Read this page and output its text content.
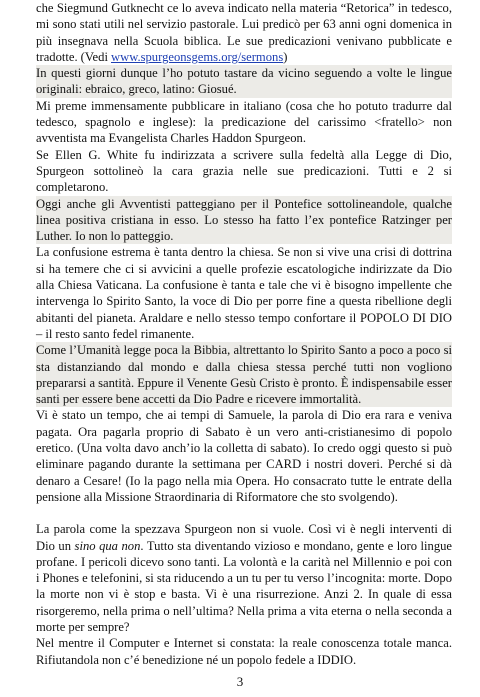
che Siegmund Gutknecht ce lo aveva indicato nella materia “Retorica” in tedesco, mi sono stati utili nel servizio pastorale. Lui predicò per 63 anni ogni domenica in più insegnava nella Scuola biblica. Le sue predicazioni venivano pubblicate e tradotte. (Vedi www.spurgeonsgems.org/sermons)

In questi giorni dunque l’ho potuto tastare da vicino seguendo a volte le lingue originali: ebraico, greco, latino: Giosué.

Mi preme immensamente pubblicare in italiano (cosa che ho potuto tradurre dal tedesco, spagnolo e inglese): la predicazione del carissimo <fratello> non avventista ma Evangelista Charles Haddon Spurgeon.

Se Ellen G. White fu indirizzata a scrivere sulla fedeltà alla Legge di Dio, Spurgeon sottolineò la cara grazia nelle sue predicazioni. Tutti e 2 si completarono.

Oggi anche gli Avventisti patteggiano per il Pontefice sottolineandole, qualche linea positiva cristiana in esso. Lo stesso ha fatto l’ex pontefice Ratzinger per Luther. Io non lo patteggio.

La confusione estrema è tanta dentro la chiesa. Se non si vive una crisi di dottrina si ha temere che ci si avvicini a quelle profezie escatologiche indirizzate da Dio alla Chiesa Vaticana. La confusione è tanta e tale che vi è bisogno impellente che intervenga lo Spirito Santo, la voce di Dio per porre fine a questa ribellione degli abitanti del pianeta. Araldare e nello stesso tempo confortare il POPOLO DI DIO – il resto santo fedel rimanente.

Come l’Umanità legge poca la Bibbia, altrettanto lo Spirito Santo a poco a poco si sta distanziando dal mondo e dalla chiesa stessa perché tutti non vogliono prepararsi a santità. Eppure il Venente Gesù Cristo è pronto. È indispensabile esser santi per essere bene accetti da Dio Padre e ricevere immortalità.

Vi è stato un tempo, che ai tempi di Samuele, la parola di Dio era rara e veniva pagata. Ora pagarla proprio di Sabato è un vero anti-cristianesimo di popolo eretico. (Una volta davo anch’io la colletta di sabato). Io credo oggi questo si può eliminare pagando durante la settimana per CARD i nostri doveri. Perché si dà denaro a Cesare! (Io la pago nella mia Opera. Ho consacrato tutte le entrate della pensione alla Missione Straordinaria di Riformatore che sto svolgendo).

La parola come la spezzava Spurgeon non si vuole. Così vi è negli interventi di Dio un sino qua non. Tutto sta diventando vizioso e mondano, gente e loro lingue profane. I pericoli dicevo sono tanti. La volontà e la carità nel Millennio e poi con i Phones e telefonini, si sta riducendo a un tu per tu verso l’incognita: morte. Dopo la morte non vi è stop e basta. Vi è una risurrezione. Anzi 2. In quale di essa risorgeremo, nella prima o nell’ultima? Nella prima a vita eterna o nella seconda a morte per sempre?

Nel mentre il Computer e Internet si constata: la reale conoscenza totale manca. Rifiutandola non c’é benedizione né un popolo fedele a IDDIO.

3
